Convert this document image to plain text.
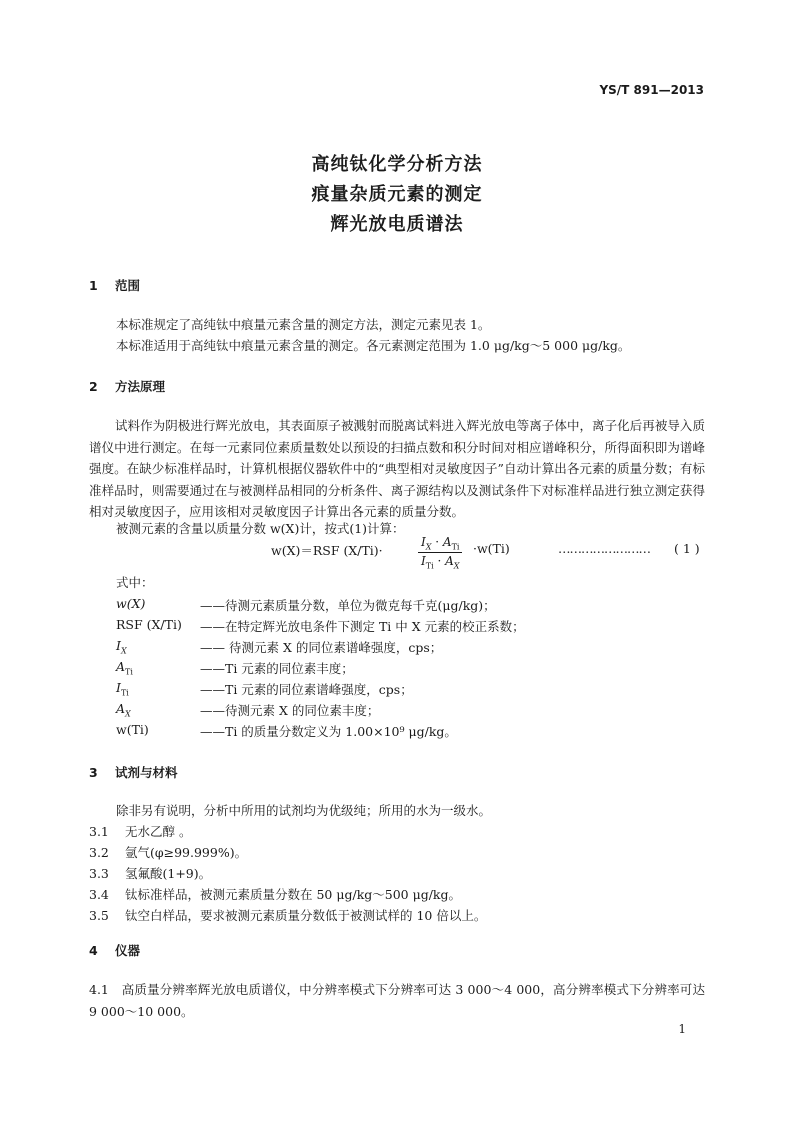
YS/T 891—2013
高纯钛化学分析方法
痕量杂质元素的测定
辉光放电质谱法
1 范围
本标准规定了高纯钛中痕量元素含量的测定方法，测定元素见表 1。
本标准适用于高纯钛中痕量元素含量的测定。各元素测定范围为 1.0 μg/kg～5 000 μg/kg。
2 方法原理
试料作为阴极进行辉光放电，其表面原子被溅射而脱离试料进入辉光放电等离子体中，离子化后再被导入质谱仪中进行测定。在每一元素同位素质量数处以预设的扫描点数和积分时间对相应谱峰积分，所得面积即为谱峰强度。在缺少标准样品时，计算机根据仪器软件中的“典型相对灵敏度因子”自动计算出各元素的质量分数；有标准样品时，则需要通过在与被测样品相同的分析条件、离子源结构以及测试条件下对标准样品进行独立测定获得相对灵敏度因子，应用该相对灵敏度因子计算出各元素的质量分数。
被测元素的含量以质量分数 w(X)计，按式(1)计算：
w(X)＝RSF (X/Ti)·
$I_X \cdot A_{Ti}$
$I_{Ti} \cdot A_X$
·w(Ti)	…………………… ( 1 )
式中：
w(X)	——待测元素质量分数，单位为微克每千克(μg/kg)；
RSF (X/Ti) ——在特定辉光放电条件下测定 Ti 中 X 元素的校正系数；
$I_X$	—— 待测元素 X 的同位素谱峰强度，cps；
$A_{Ti}$	——Ti 元素的同位素丰度；
$I_{Ti}$	——Ti 元素的同位素谱峰强度，cps；
$A_X$	——待测元素 X 的同位素丰度；
w(Ti)	——Ti 的质量分数定义为 1.00×10⁹ μg/kg。
3 试剂与材料
除非另有说明，分析中所用的试剂均为优级纯；所用的水为一级水。
3.1 无水乙醇 。
3.2 氩气(φ≥99.999%)。
3.3 氢氟酸(1+9)。
3.4 钛标准样品，被测元素质量分数在 50 μg/kg～500 μg/kg。
3.5 钛空白样品，要求被测元素质量分数低于被测试样的 10 倍以上。
4 仪器
4.1　高质量分辨率辉光放电质谱仪，中分辨率模式下分辨率可达 3 000～4 000，高分辨率模式下分辨率可达 9 000～10 000。
1
